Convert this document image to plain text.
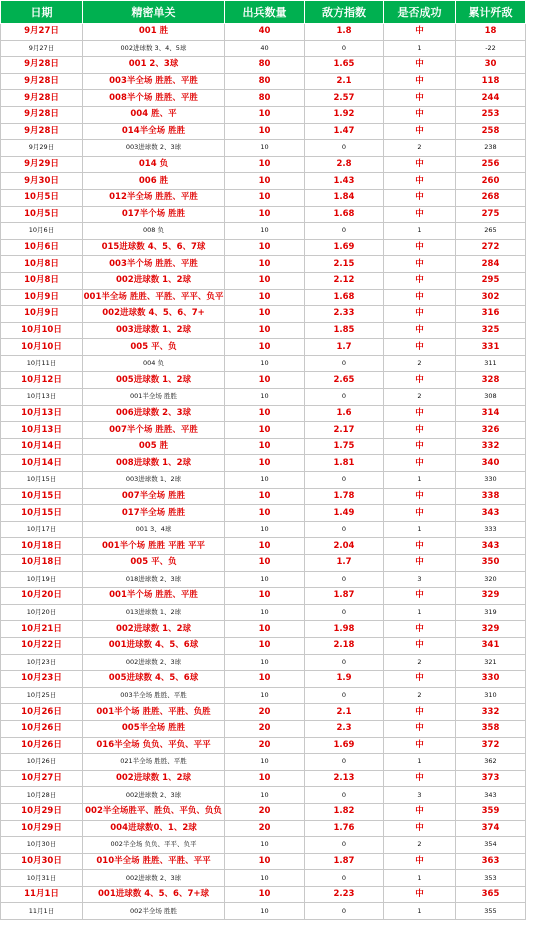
日期	精密单关	出兵数量	敌方指数	是否成功	累计歼敌
9月27日	001 胜	40	1.8	中	18
9月27日	002进球数 3、4、5球	40	0	1	-22
9月28日	001 2、3球	80	1.65	中	30
9月28日	003半全场 胜胜、平胜	80	2.1	中	118
9月28日	008半个场 胜胜、平胜	80	2.57	中	244
9月28日	004 胜、平	10	1.92	中	253
9月28日	014半全场 胜胜	10	1.47	中	258
9月29日	003进球数 2、3球	10	0	2	238
9月29日	014 负	10	2.8	中	256
9月30日	006 胜	10	1.43	中	260
10月5日	012半全场 胜胜、平胜	10	1.84	中	268
10月5日	017半个场 胜胜	10	1.68	中	275
10月6日	008 负	10	0	1	265
10月6日	015进球数 4、5、6、7球	10	1.69	中	272
10月8日	003半个场 胜胜、平胜	10	2.15	中	284
10月8日	002进球数 1、2球	10	2.12	中	295
10月9日	001半全场 胜胜、平胜、平平、负平	10	1.68	中	302
10月9日	002进球数 4、5、6、7+	10	2.33	中	316
10月10日	003进球数 1、2球	10	1.85	中	325
10月10日	005 平、负	10	1.7	中	331
10月11日	004 负	10	0	2	311
10月12日	005进球数 1、2球	10	2.65	中	328
10月13日	001半全场 胜胜	10	0	2	308
10月13日	006进球数 2、3球	10	1.6	中	314
10月13日	007半个场 胜胜、平胜	10	2.17	中	326
10月14日	005 胜	10	1.75	中	332
10月14日	008进球数 1、2球	10	1.81	中	340
10月15日	003进球数 1、2球	10	0	1	330
10月15日	007半全场 胜胜	10	1.78	中	338
10月15日	017半全场 胜胜	10	1.49	中	343
10月17日	001 3、4球	10	0	1	333
10月18日	001半个场 胜胜 平胜 平平	10	2.04	中	343
10月18日	005 平、负	10	1.7	中	350
10月19日	018进球数 2、3球	10	0	3	320
10月20日	001半个场 胜胜、平胜	10	1.87	中	329
10月20日	013进球数 1、2球	10	0	1	319
10月21日	002进球数 1、2球	10	1.98	中	329
10月22日	001进球数 4、5、6球	10	2.18	中	341
10月23日	002进球数 2、3球	10	0	2	321
10月23日	005进球数 4、5、6球	10	1.9	中	330
10月25日	003半全场 胜胜、平胜	10	0	2	310
10月26日	001半个场 胜胜、平胜、负胜	20	2.1	中	332
10月26日	005半全场 胜胜	20	2.3	中	358
10月26日	016半全场 负负、平负、平平	20	1.69	中	372
10月26日	021半全场 胜胜、平胜	10	0	1	362
10月27日	002进球数 1、2球	10	2.13	中	373
10月28日	002进球数 2、3球	10	0	3	343
10月29日	002半全场胜平、胜负、平负、负负	20	1.82	中	359
10月29日	004进球数0、1、2球	20	1.76	中	374
10月30日	002半全场 负负、平平、负平	10	0	2	354
10月30日	010半全场 胜胜、平胜、平平	10	1.87	中	363
10月31日	002进球数 2、3球	10	0	1	353
11月1日	001进球数 4、5、6、7+球	10	2.23	中	365
11月1日	002半全场 胜胜	10	0	1	355
